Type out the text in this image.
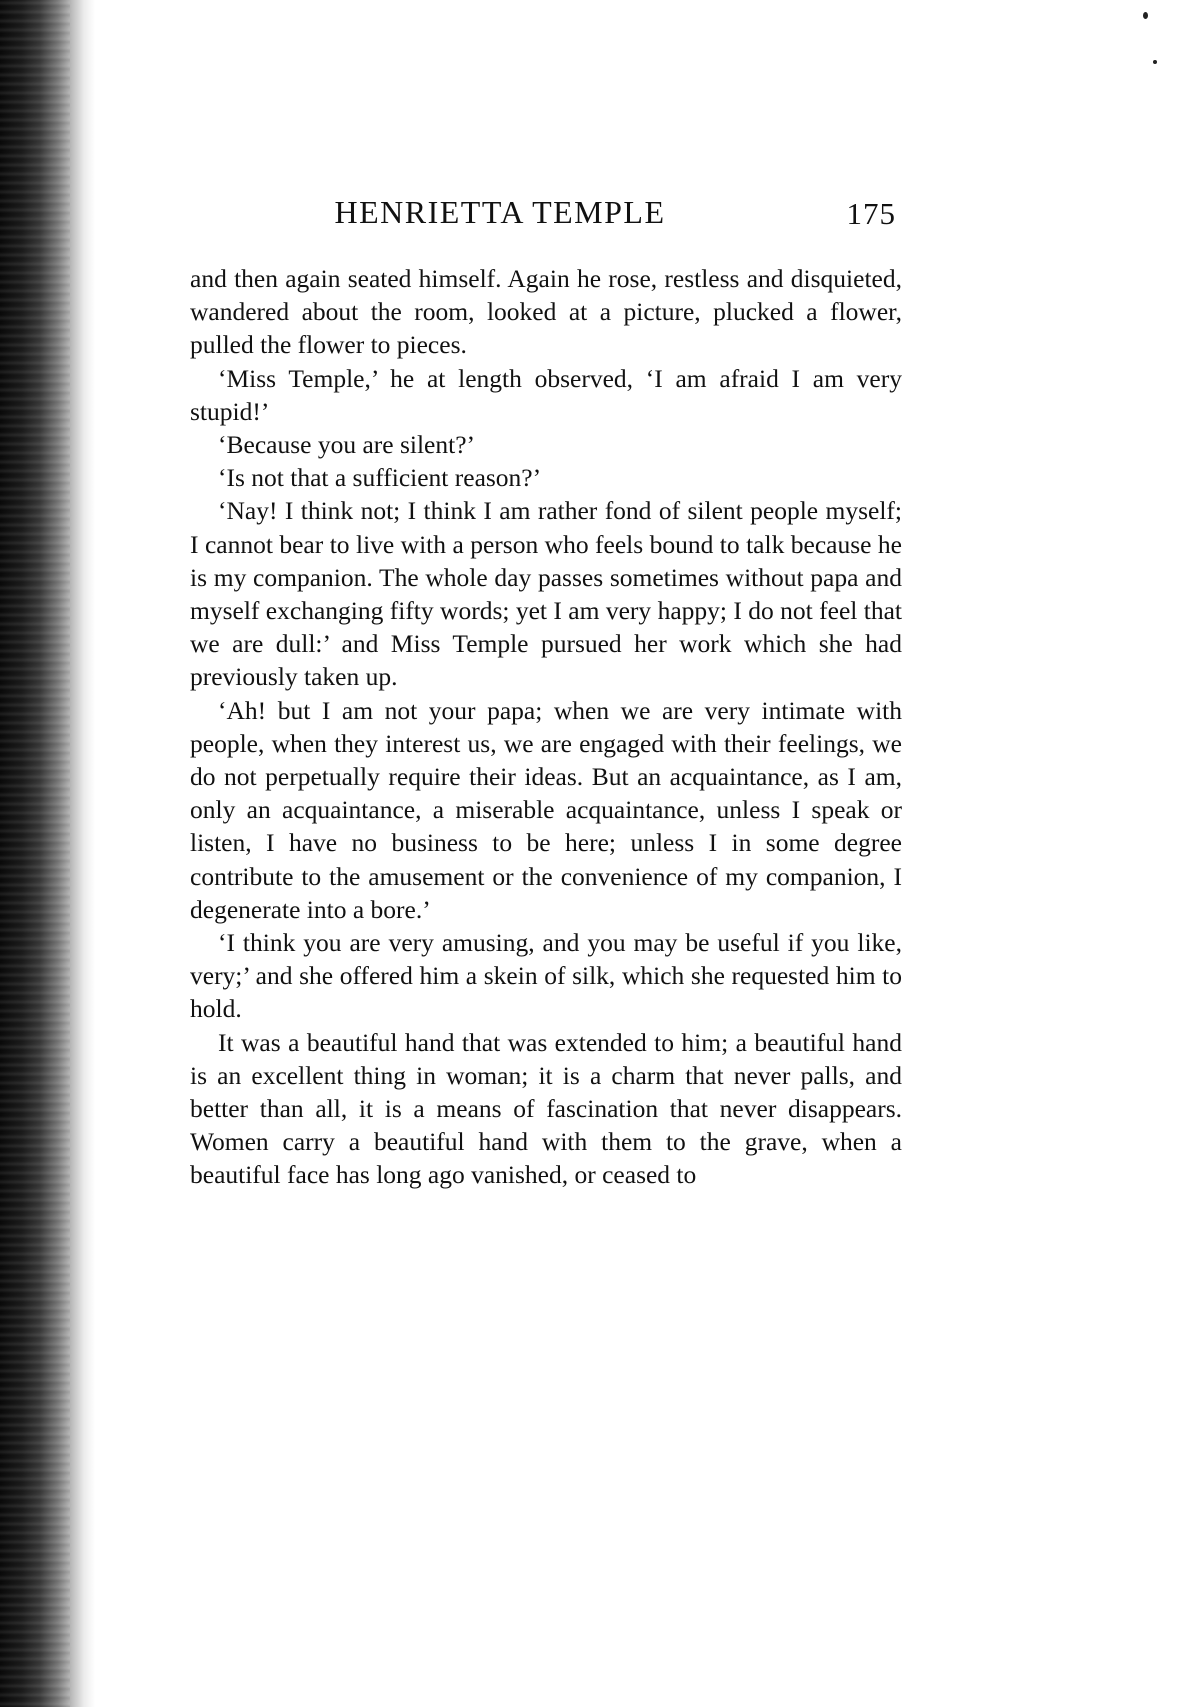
HENRIETTA TEMPLE	175

and then again seated himself. Again he rose, restless and disquieted, wandered about the room, looked at a picture, plucked a flower, pulled the flower to pieces.

‘Miss Temple,’ he at length observed, ‘I am afraid I am very stupid!’

‘Because you are silent?’

‘Is not that a sufficient reason?’

‘Nay! I think not; I think I am rather fond of silent people myself; I cannot bear to live with a person who feels bound to talk because he is my companion. The whole day passes sometimes without papa and myself exchanging fifty words; yet I am very happy; I do not feel that we are dull:’ and Miss Temple pursued her work which she had previously taken up.

‘Ah! but I am not your papa; when we are very intimate with people, when they interest us, we are engaged with their feelings, we do not perpetually require their ideas. But an acquaintance, as I am, only an acquaintance, a miserable acquaintance, unless I speak or listen, I have no business to be here; unless I in some degree contribute to the amusement or the convenience of my companion, I degenerate into a bore.’

‘I think you are very amusing, and you may be useful if you like, very;’ and she offered him a skein of silk, which she requested him to hold.

It was a beautiful hand that was extended to him; a beautiful hand is an excellent thing in woman; it is a charm that never palls, and better than all, it is a means of fascination that never disappears. Women carry a beautiful hand with them to the grave, when a beautiful face has long ago vanished, or ceased to
